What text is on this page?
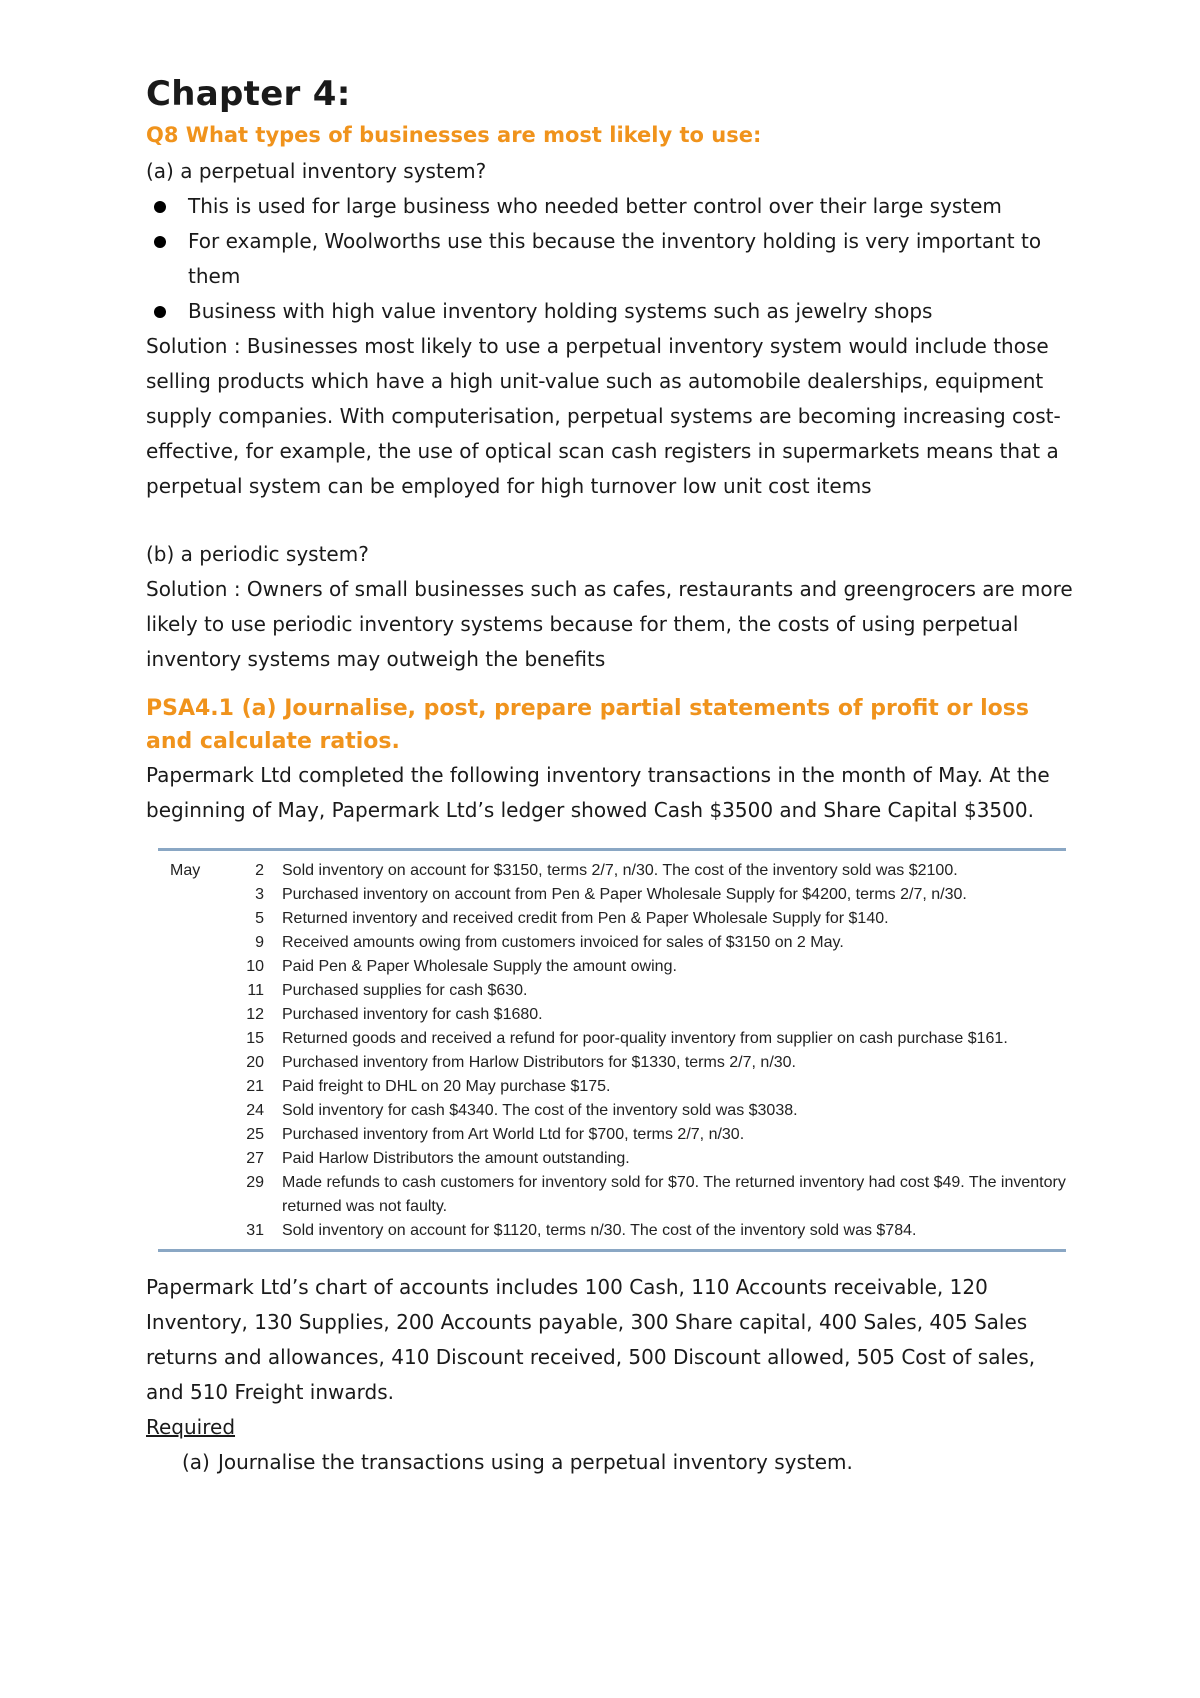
Chapter 4:
Q8 What types of businesses are most likely to use:

(a) a perpetual inventory system?

This is used for large business who needed better control over their large system
For example, Woolworths use this because the inventory holding is very important to them
Business with high value inventory holding systems such as jewelry shops

Solution : Businesses most likely to use a perpetual inventory system would include those selling products which have a high unit-value such as automobile dealerships, equipment supply companies. With computerisation, perpetual systems are becoming increasing cost-effective, for example, the use of optical scan cash registers in supermarkets means that a perpetual system can be employed for high turnover low unit cost items

(b) a periodic system?

Solution : Owners of small businesses such as cafes, restaurants and greengrocers are more likely to use periodic inventory systems because for them, the costs of using perpetual inventory systems may outweigh the benefits

PSA4.1 (a) Journalise, post, prepare partial statements of profit or loss and calculate ratios.

Papermark Ltd completed the following inventory transactions in the month of May. At the beginning of May, Papermark Ltd’s ledger showed Cash $3500 and Share Capital $3500.

May	2	Sold inventory on account for $3150, terms 2/7, n/30. The cost of the inventory sold was $2100.
	3	Purchased inventory on account from Pen & Paper Wholesale Supply for $4200, terms 2/7, n/30.
	5	Returned inventory and received credit from Pen & Paper Wholesale Supply for $140.
	9	Received amounts owing from customers invoiced for sales of $3150 on 2 May.
	10	Paid Pen & Paper Wholesale Supply the amount owing.
	11	Purchased supplies for cash $630.
	12	Purchased inventory for cash $1680.
	15	Returned goods and received a refund for poor-quality inventory from supplier on cash purchase $161.
	20	Purchased inventory from Harlow Distributors for $1330, terms 2/7, n/30.
	21	Paid freight to DHL on 20 May purchase $175.
	24	Sold inventory for cash $4340. The cost of the inventory sold was $3038.
	25	Purchased inventory from Art World Ltd for $700, terms 2/7, n/30.
	27	Paid Harlow Distributors the amount outstanding.
	29	Made refunds to cash customers for inventory sold for $70. The returned inventory had cost $49. The inventory returned was not faulty.
	31	Sold inventory on account for $1120, terms n/30. The cost of the inventory sold was $784.

Papermark Ltd’s chart of accounts includes 100 Cash, 110 Accounts receivable, 120 Inventory, 130 Supplies, 200 Accounts payable, 300 Share capital, 400 Sales, 405 Sales returns and allowances, 410 Discount received, 500 Discount allowed, 505 Cost of sales, and 510 Freight inwards.

Required

(a) Journalise the transactions using a perpetual inventory system.
